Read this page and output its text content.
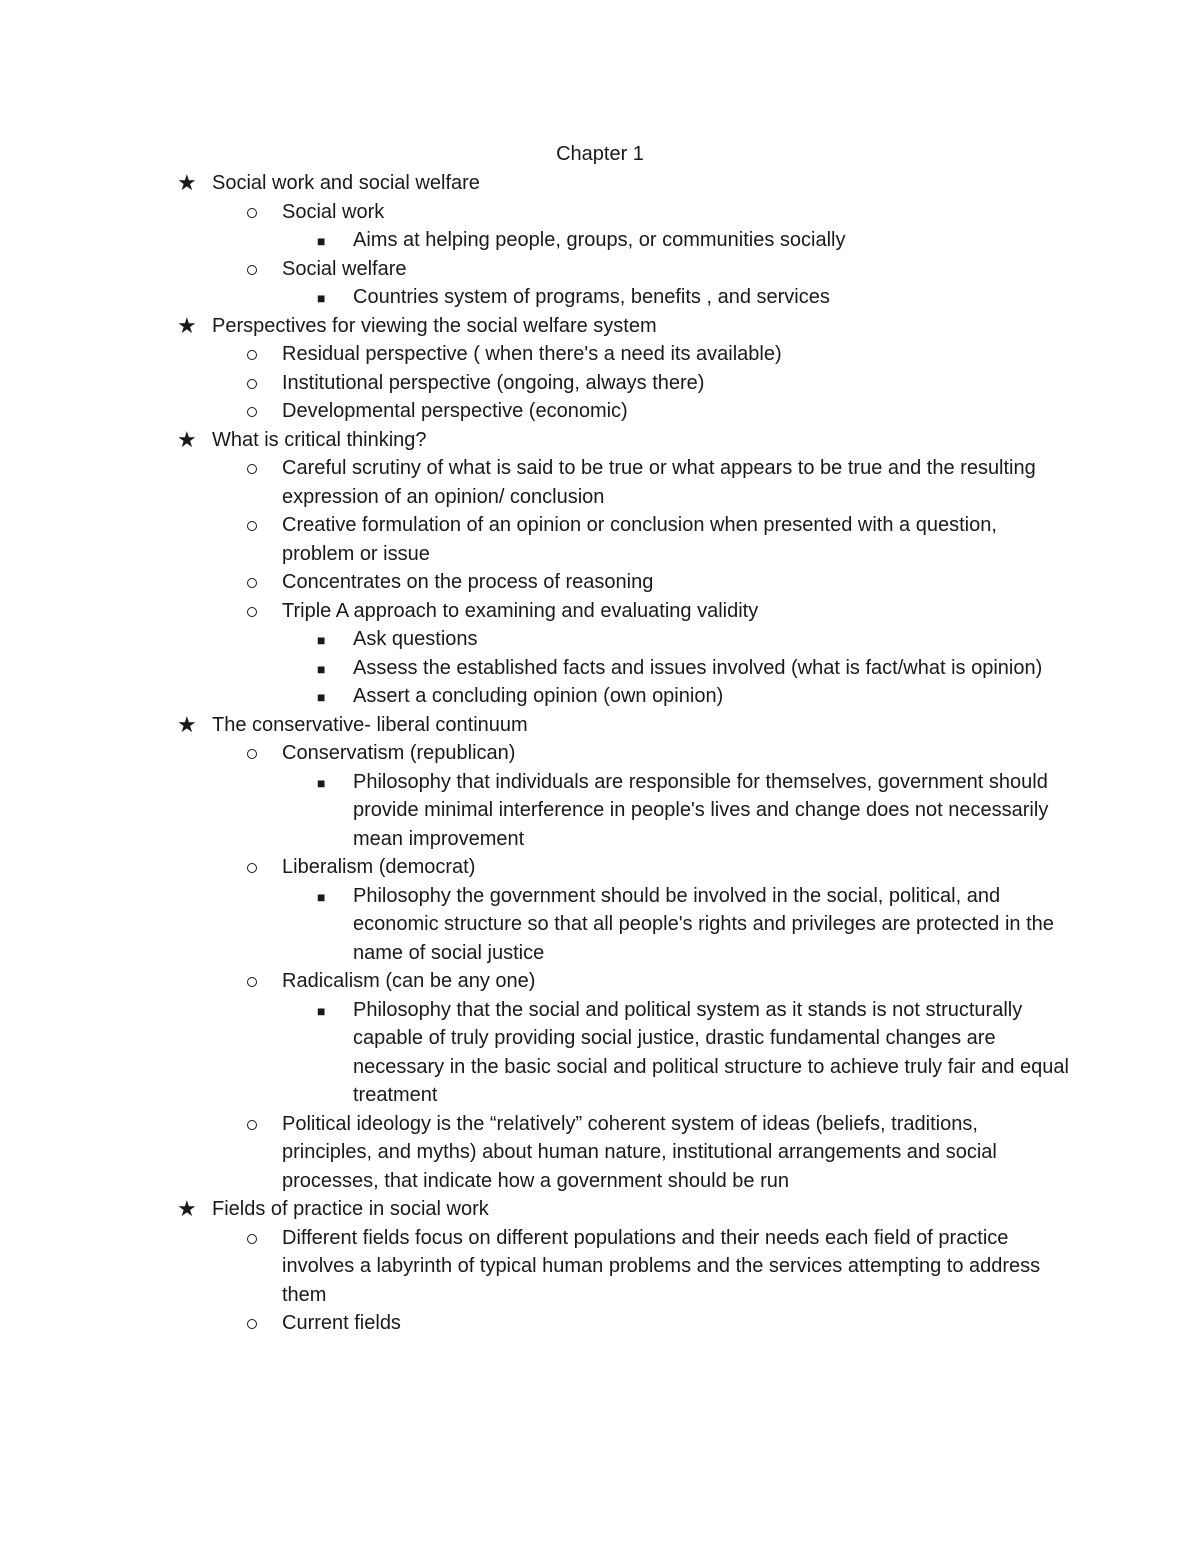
Chapter 1
★ Social work and social welfare
Social work
■ Aims at helping people, groups, or communities socially
Social welfare
■ Countries system of programs, benefits , and services
★ Perspectives for viewing the social welfare system
Residual perspective ( when there's a need its available)
Institutional perspective (ongoing, always there)
Developmental perspective (economic)
★ What is critical thinking?
Careful scrutiny of what is said to be true or what appears to be true and the resulting expression of an opinion/ conclusion
Creative formulation of an opinion or conclusion when presented with a question, problem or issue
Concentrates on the process of reasoning
Triple A approach to examining and evaluating validity
■ Ask questions
■ Assess the established facts and issues involved (what is fact/what is opinion)
■ Assert a concluding opinion (own opinion)
★ The conservative- liberal continuum
Conservatism (republican)
■ Philosophy that individuals are responsible for themselves, government should provide minimal interference in people's lives and change does not necessarily mean improvement
Liberalism (democrat)
■ Philosophy the government should be involved in the social, political, and economic structure so that all people's rights and privileges are protected in the name of social justice
Radicalism (can be any one)
■ Philosophy that the social and political system as it stands is not structurally capable of truly providing social justice, drastic fundamental changes are necessary in the basic social and political structure to achieve truly fair and equal treatment
Political ideology is the “relatively” coherent system of ideas (beliefs, traditions, principles, and myths) about human nature, institutional arrangements and social processes, that indicate how a government should be run
★ Fields of practice in social work
Different fields focus on different populations and their needs each field of practice involves a labyrinth of typical human problems and the services attempting to address them
Current fields
